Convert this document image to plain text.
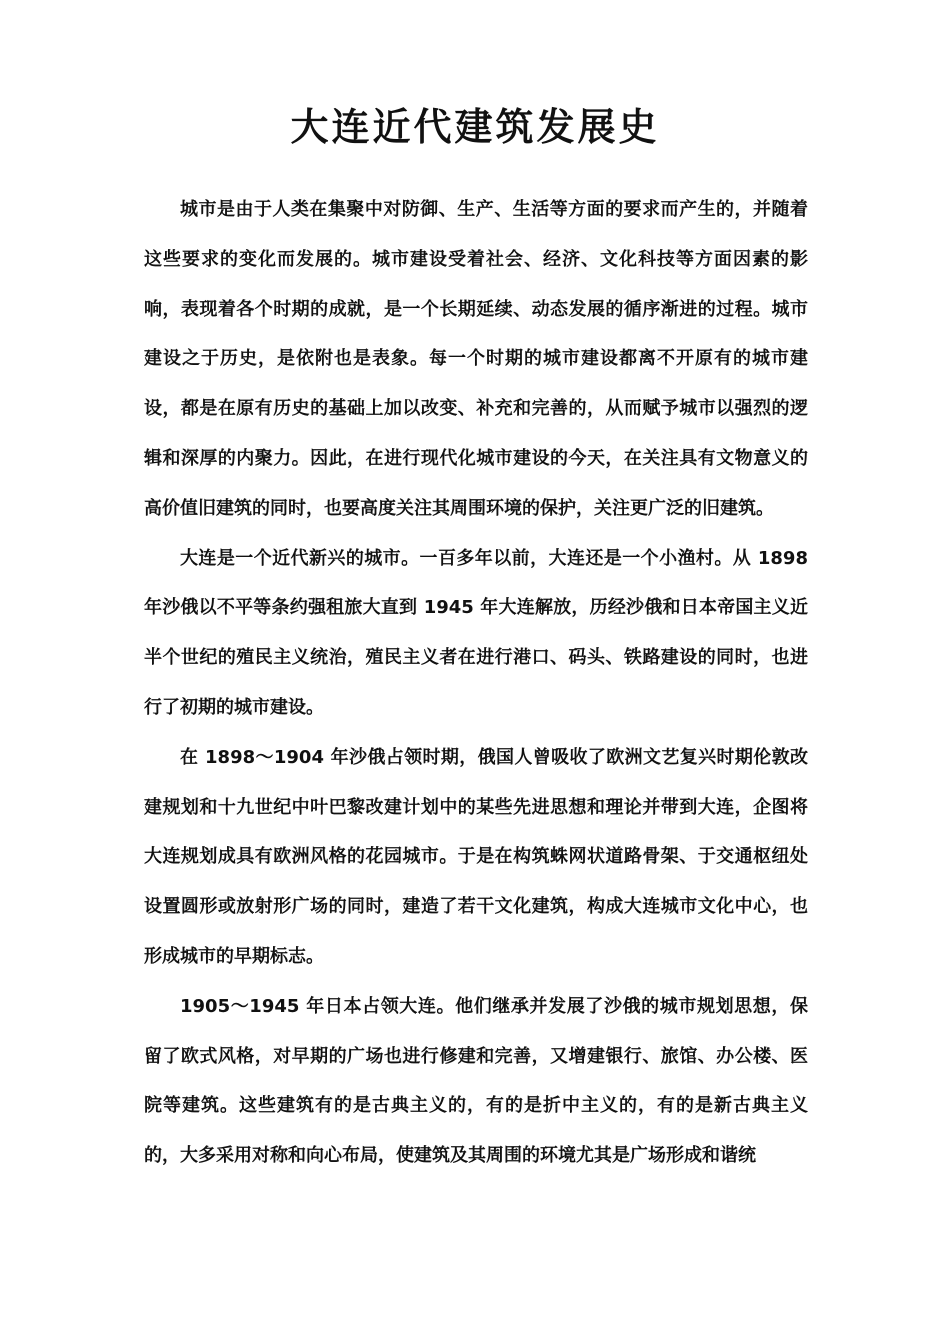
大连近代建筑发展史

城市是由于人类在集聚中对防御、生产、生活等方面的要求而产生的，并随着这些要求的变化而发展的。城市建设受着社会、经济、文化科技等方面因素的影响，表现着各个时期的成就，是一个长期延续、动态发展的循序渐进的过程。城市建设之于历史，是依附也是表象。每一个时期的城市建设都离不开原有的城市建设，都是在原有历史的基础上加以改变、补充和完善的，从而赋予城市以强烈的逻辑和深厚的内聚力。因此，在进行现代化城市建设的今天，在关注具有文物意义的高价值旧建筑的同时，也要高度关注其周围环境的保护，关注更广泛的旧建筑。

大连是一个近代新兴的城市。一百多年以前，大连还是一个小渔村。从 1898 年沙俄以不平等条约强租旅大直到 1945 年大连解放，历经沙俄和日本帝国主义近半个世纪的殖民主义统治，殖民主义者在进行港口、码头、铁路建设的同时，也进行了初期的城市建设。

在 1898～1904 年沙俄占领时期，俄国人曾吸收了欧洲文艺复兴时期伦敦改建规划和十九世纪中叶巴黎改建计划中的某些先进思想和理论并带到大连，企图将大连规划成具有欧洲风格的花园城市。于是在构筑蛛网状道路骨架、于交通枢纽处设置圆形或放射形广场的同时，建造了若干文化建筑，构成大连城市文化中心，也形成城市的早期标志。

1905～1945 年日本占领大连。他们继承并发展了沙俄的城市规划思想，保留了欧式风格，对早期的广场也进行修建和完善，又增建银行、旅馆、办公楼、医院等建筑。这些建筑有的是古典主义的，有的是折中主义的，有的是新古典主义的，大多采用对称和向心布局，使建筑及其周围的环境尤其是广场形成和谐统
